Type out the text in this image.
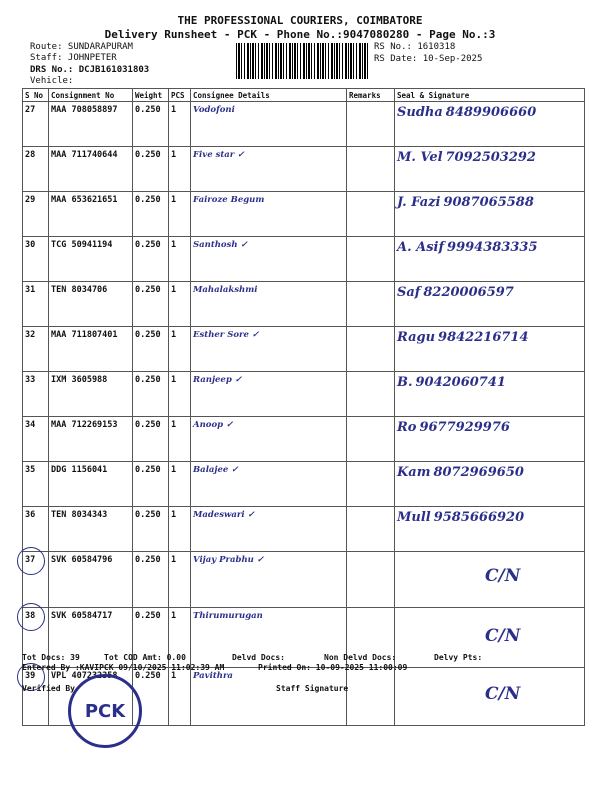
THE PROFESSIONAL COURIERS, COIMBATORE
Delivery Runsheet - PCK - Phone No.:9047080280 - Page No.:3
Route: SUNDARAPURAM
Staff: JOHNPETER
DRS No.: DCJB161031803
Vehicle:
RS No.: 1610318
RS Date: 10-Sep-2025
S No	Consignment No	Weight	PCS	Consignee Details	Remarks	Seal & Signature
27	MAA 708058897	0.250	1	Vodofoni		Sudha 8489906660
28	MAA 711740644	0.250	1	Five star ✓		M. Vel 7092503292
29	MAA 653621651	0.250	1	Fairoze Begum		J. Fazi 9087065588
30	TCG 50941194	0.250	1	Santhosh ✓		A. Asif 9994383335
31	TEN 8034706	0.250	1	Mahalakshmi		Saf 8220006597
32	MAA 711807401	0.250	1	Esther Sore ✓		Ragu 9842216714
33	IXM 3605988	0.250	1	Ranjeep ✓		B. 9042060741
34	MAA 712269153	0.250	1	Anoop ✓		Ro 9677929976
35	DDG 1156041	0.250	1	Balajee ✓		Kam 8072969650
36	TEN 8034343	0.250	1	Madeswari ✓		Mull 9585666920

37	SVK 60584796	0.250	1	Vijay Prabhu ✓		C/N

38	SVK 60584717	0.250	1	Thirumurugan		C/N

39	VPL 407232358	0.250	1	Pavithra		C/N
Tot Docs: 39	Tot COD Amt: 0.00	Delvd Docs:	Non Delvd Docs:	Delvy Pts:
Entered By :KAVIPCK 09/10/2025 11:02:39 AM	Printed On: 10-09-2025 11:00:09
Verified By	Staff Signature
PCK
